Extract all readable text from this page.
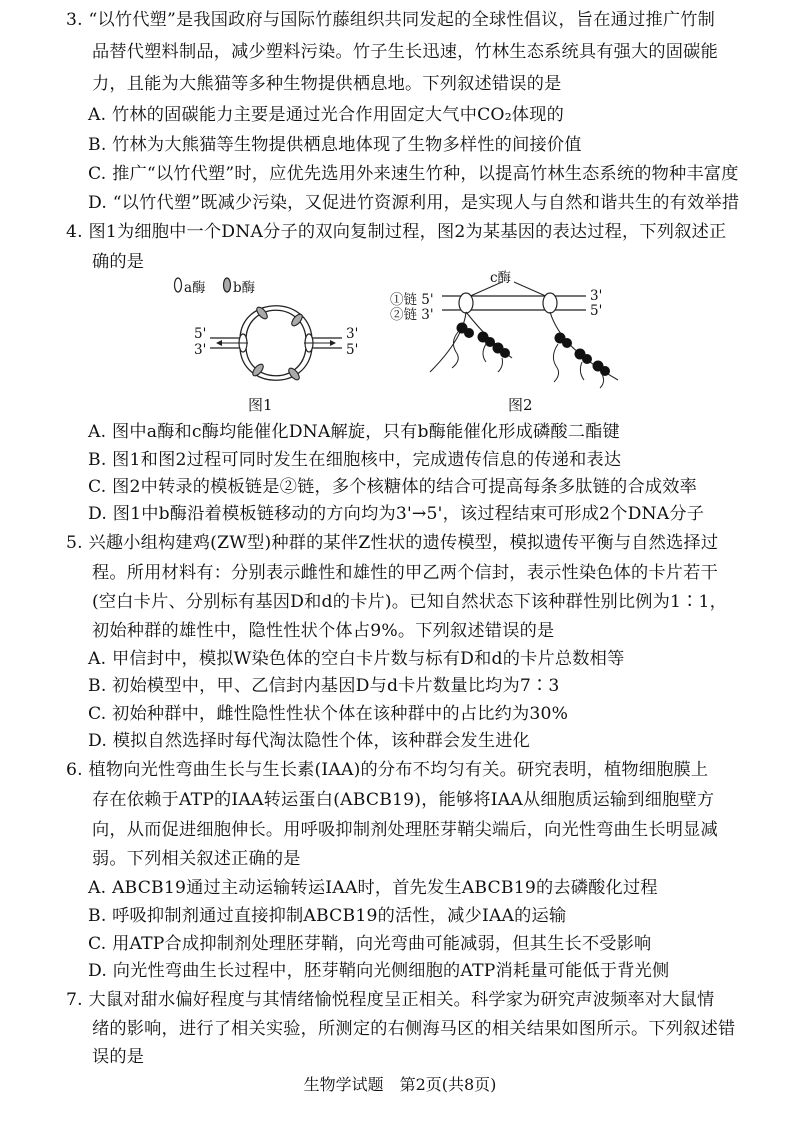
3. “以竹代塑”是我国政府与国际竹藤组织共同发起的全球性倡议，旨在通过推广竹制
品替代塑料制品，减少塑料污染。竹子生长迅速，竹林生态系统具有强大的固碳能
力，且能为大熊猫等多种生物提供栖息地。下列叙述错误的是
A. 竹林的固碳能力主要是通过光合作用固定大气中CO₂体现的
B. 竹林为大熊猫等生物提供栖息地体现了生物多样性的间接价值
C. 推广“以竹代塑”时，应优先选用外来速生竹种，以提高竹林生态系统的物种丰富度
D. “以竹代塑”既减少污染，又促进竹资源利用，是实现人与自然和谐共生的有效举措
4. 图1为细胞中一个DNA分子的双向复制过程，图2为某基因的表达过程，下列叙述正
确的是
a酶 b酶
5'
3'
3'
5'
图1
c酶
①链 5'
②链 3'
3'
5'
图2
A. 图中a酶和c酶均能催化DNA解旋，只有b酶能催化形成磷酸二酯键
B. 图1和图2过程可同时发生在细胞核中，完成遗传信息的传递和表达
C. 图2中转录的模板链是②链，多个核糖体的结合可提高每条多肽链的合成效率
D. 图1中b酶沿着模板链移动的方向均为3'→5'，该过程结束可形成2个DNA分子
5. 兴趣小组构建鸡(ZW型)种群的某伴Z性状的遗传模型，模拟遗传平衡与自然选择过
程。所用材料有：分别表示雌性和雄性的甲乙两个信封，表示性染色体的卡片若干
(空白卡片、分别标有基因D和d的卡片)。已知自然状态下该种群性别比例为1∶1，
初始种群的雄性中，隐性性状个体占9%。下列叙述错误的是
A. 甲信封中，模拟W染色体的空白卡片数与标有D和d的卡片总数相等
B. 初始模型中，甲、乙信封内基因D与d卡片数量比均为7∶3
C. 初始种群中，雌性隐性性状个体在该种群中的占比约为30%
D. 模拟自然选择时每代淘汰隐性个体，该种群会发生进化
6. 植物向光性弯曲生长与生长素(IAA)的分布不均匀有关。研究表明，植物细胞膜上
存在依赖于ATP的IAA转运蛋白(ABCB19)，能够将IAA从细胞质运输到细胞壁方
向，从而促进细胞伸长。用呼吸抑制剂处理胚芽鞘尖端后，向光性弯曲生长明显减
弱。下列相关叙述正确的是
A. ABCB19通过主动运输转运IAA时，首先发生ABCB19的去磷酸化过程
B. 呼吸抑制剂通过直接抑制ABCB19的活性，减少IAA的运输
C. 用ATP合成抑制剂处理胚芽鞘，向光弯曲可能减弱，但其生长不受影响
D. 向光性弯曲生长过程中，胚芽鞘向光侧细胞的ATP消耗量可能低于背光侧
7. 大鼠对甜水偏好程度与其情绪愉悦程度呈正相关。科学家为研究声波频率对大鼠情
绪的影响，进行了相关实验，所测定的右侧海马区的相关结果如图所示。下列叙述错
误的是
生物学试题　第2页(共8页)
